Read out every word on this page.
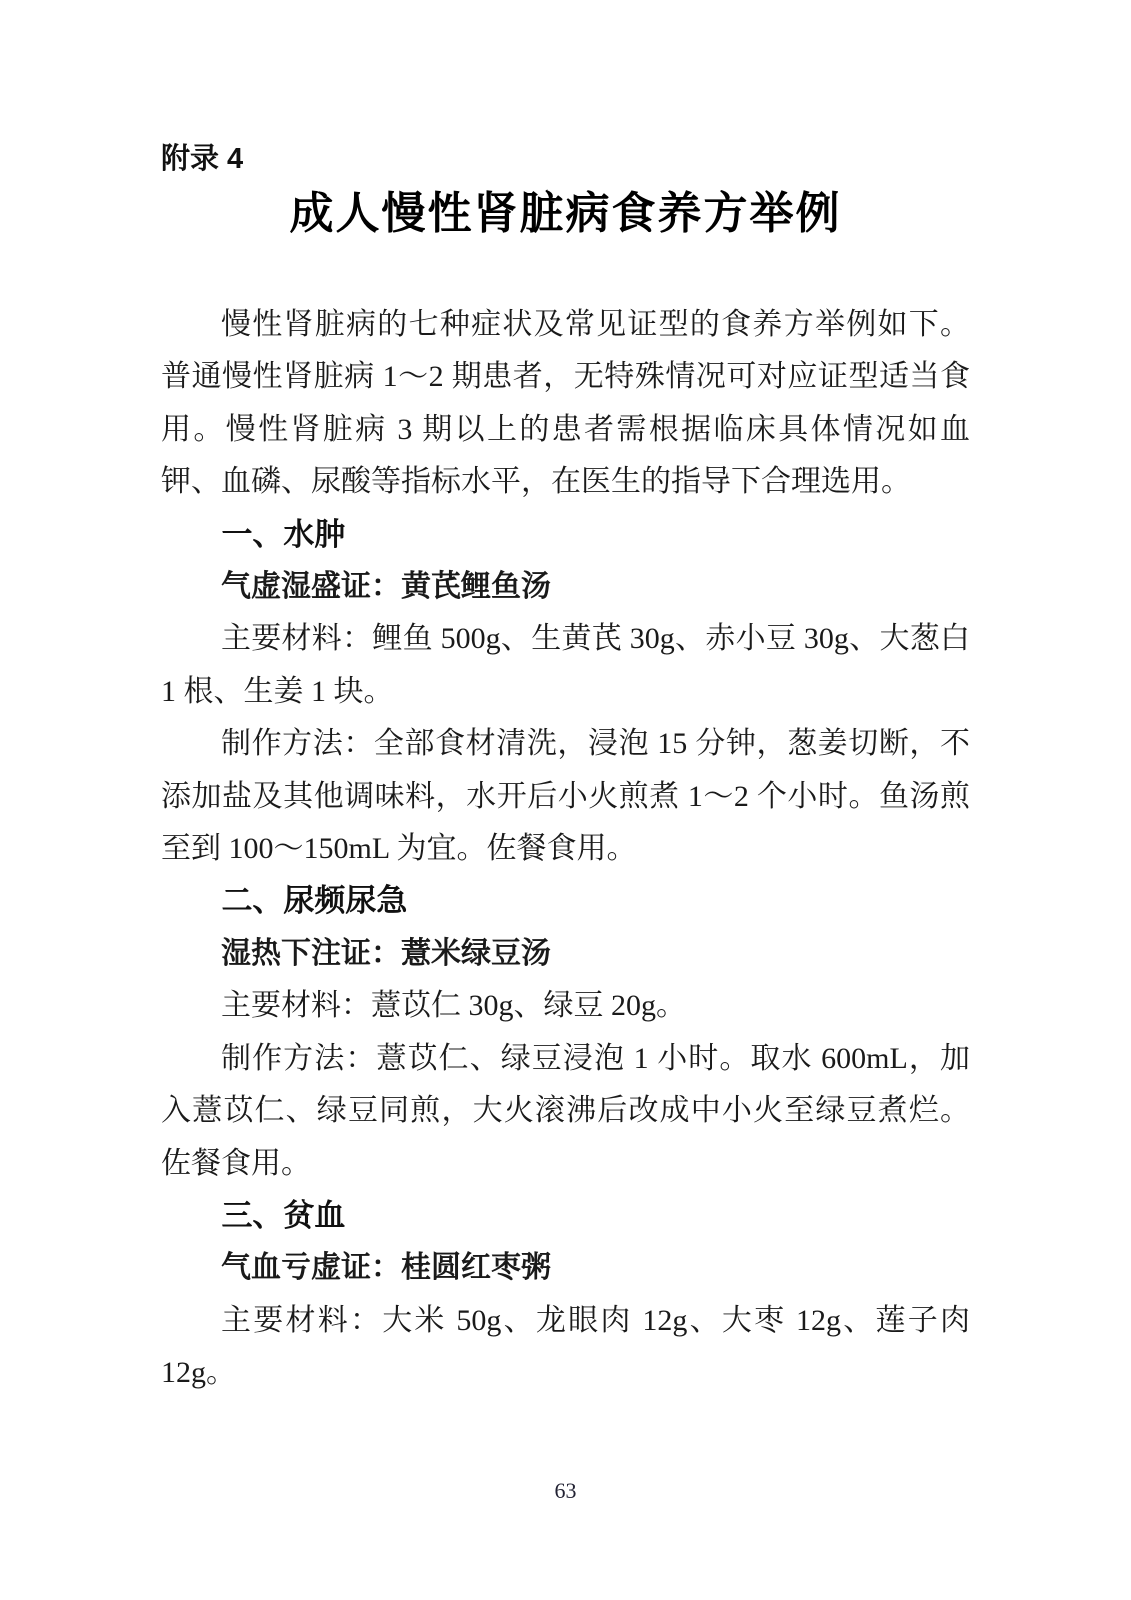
附录 4
成人慢性肾脏病食养方举例

慢性肾脏病的七种症状及常见证型的食养方举例如下。普通慢性肾脏病 1～2 期患者，无特殊情况可对应证型适当食用。慢性肾脏病 3 期以上的患者需根据临床具体情况如血钾、血磷、尿酸等指标水平，在医生的指导下合理选用。

一、水肿

气虚湿盛证：黄芪鲤鱼汤

主要材料：鲤鱼 500g、生黄芪 30g、赤小豆 30g、大葱白 1 根、生姜 1 块。

制作方法：全部食材清洗，浸泡 15 分钟，葱姜切断，不添加盐及其他调味料，水开后小火煎煮 1～2 个小时。鱼汤煎至到 100～150mL 为宜。佐餐食用。

二、尿频尿急

湿热下注证：薏米绿豆汤

主要材料：薏苡仁 30g、绿豆 20g。

制作方法：薏苡仁、绿豆浸泡 1 小时。取水 600mL，加入薏苡仁、绿豆同煎，大火滚沸后改成中小火至绿豆煮烂。佐餐食用。

三、贫血

气血亏虚证：桂圆红枣粥

主要材料：大米 50g、龙眼肉 12g、大枣 12g、莲子肉 12g。

63
